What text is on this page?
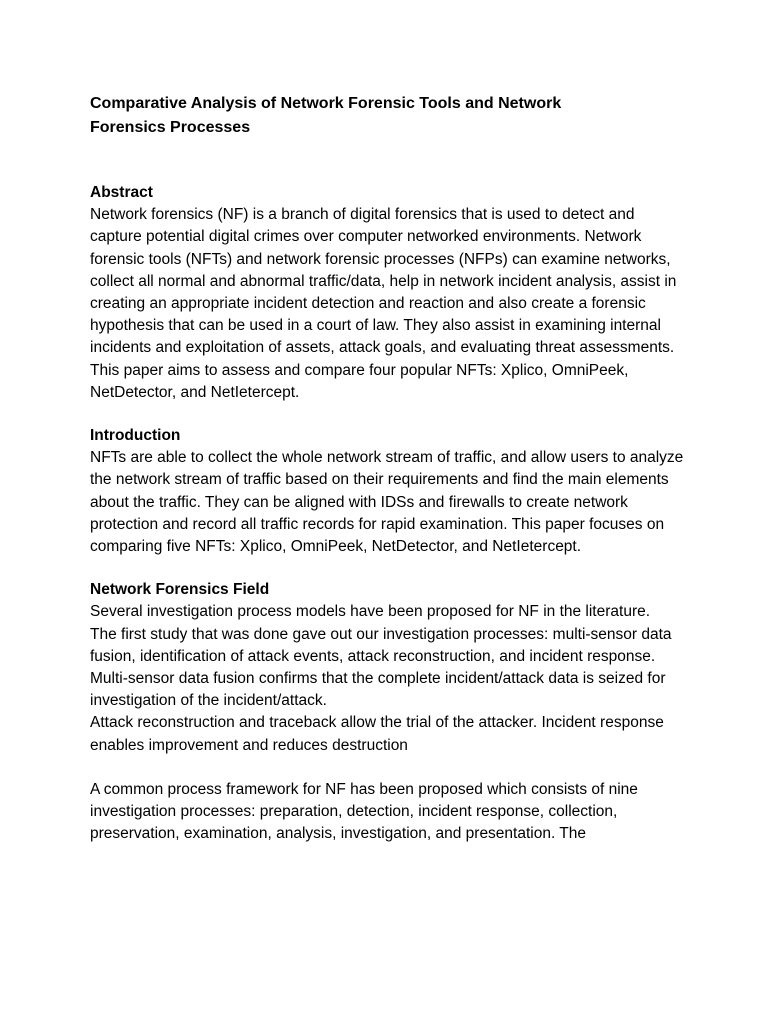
Comparative Analysis of Network Forensic Tools and Network
Forensics Processes
Abstract

Network forensics (NF) is a branch of digital forensics that is used to detect and capture potential digital crimes over computer networked environments. Network forensic tools (NFTs) and network forensic processes (NFPs) can examine networks, collect all normal and abnormal traffic/data, help in network incident analysis, assist in creating an appropriate incident detection and reaction and also create a forensic hypothesis that can be used in a court of law. They also assist in examining internal incidents and exploitation of assets, attack goals, and evaluating threat assessments. This paper aims to assess and compare four popular NFTs: Xplico, OmniPeek, NetDetector, and NetIetercept.

Introduction

NFTs are able to collect the whole network stream of traffic, and allow users to analyze the network stream of traffic based on their requirements and find the main elements about the traffic. They can be aligned with IDSs and firewalls to create network protection and record all traffic records for rapid examination. This paper focuses on comparing five NFTs: Xplico, OmniPeek, NetDetector, and NetIetercept.

Network Forensics Field

Several investigation process models have been proposed for NF in the literature.

The first study that was done gave out our investigation processes: multi-sensor data fusion, identification of attack events, attack reconstruction, and incident response. Multi-sensor data fusion confirms that the complete incident/attack data is seized for investigation of the incident/attack.

Attack reconstruction and traceback allow the trial of the attacker. Incident response enables improvement and reduces destruction

A common process framework for NF has been proposed which consists of nine investigation processes: preparation, detection, incident response, collection, preservation, examination, analysis, investigation, and presentation. The
